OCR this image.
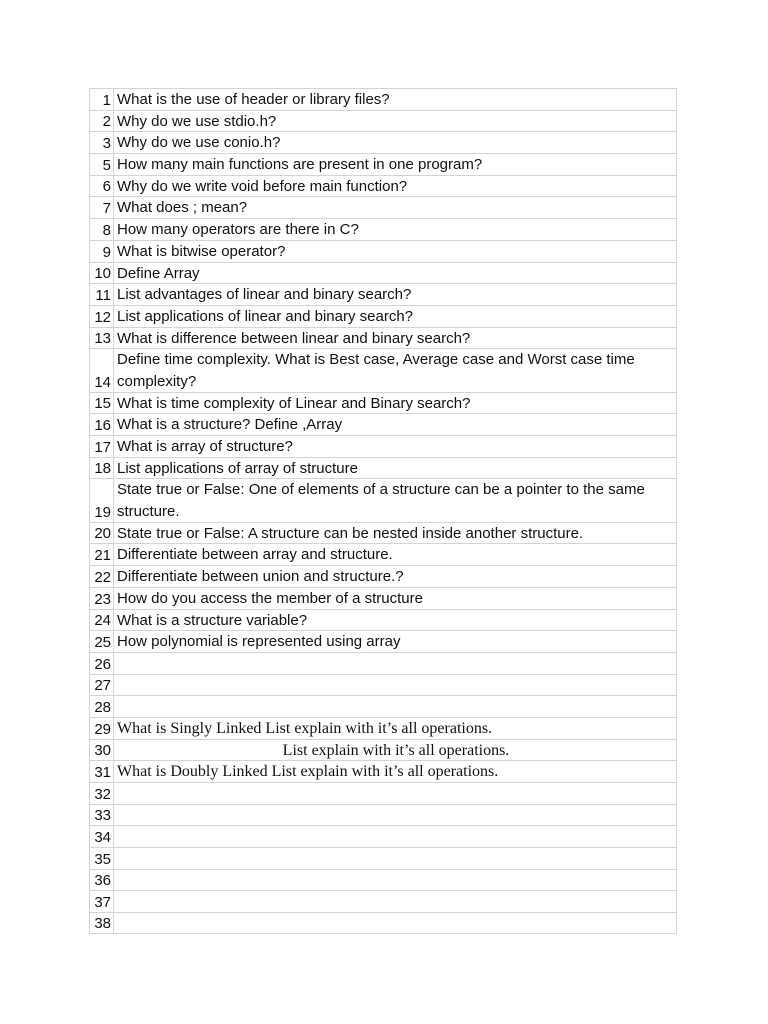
1 What is the use of header or library files?
2 Why do we use stdio.h?
3 Why do we use conio.h?
5 How many main functions are present in one program?
6 Why do we write void before main function?
7 What does ; mean?
8 How many operators are there in C?
9 What is bitwise operator?
10 Define Array
11 List advantages of linear and binary search?
12 List applications of linear and binary search?
13 What is difference between linear and binary search?
14
Define time complexity. What is Best case, Average case and Worst case time complexity?
15 What is time complexity of Linear and Binary search?
16 What is a structure? Define ,Array
17 What is array of structure?
18 List applications of array of structure
19
State true or False: One of elements of a structure can be a pointer to the same structure.
20 State true or False: A structure can be nested inside another structure.
21 Differentiate between array and structure.
22 Differentiate between union and structure.?
23 How do you access the member of a structure
24 What is a structure variable?
25 How polynomial is represented using array
26
27
28
29 What is Singly Linked List explain with it’s all operations.
30	List explain with it’s all operations.
31 What is Doubly Linked List explain with it’s all operations.
32
33
34
35
36
37
38
